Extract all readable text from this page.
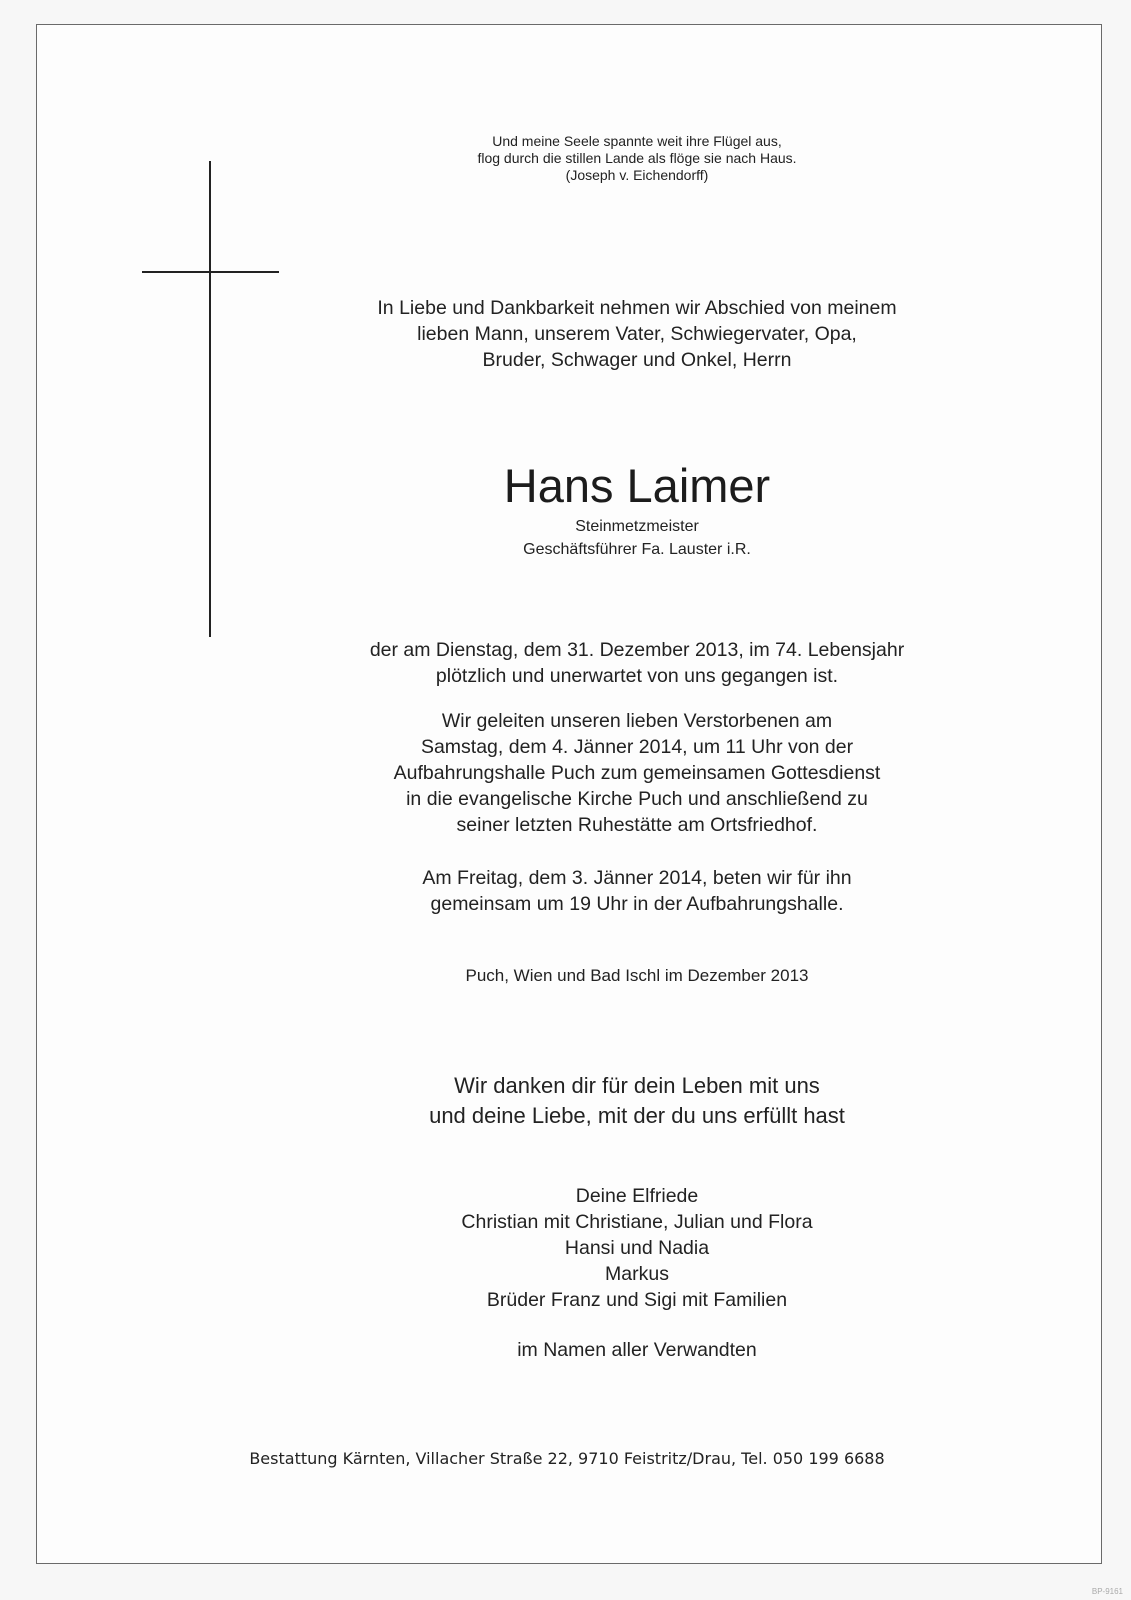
Und meine Seele spannte weit ihre Flügel aus,
flog durch die stillen Lande als flöge sie nach Haus.
(Joseph v. Eichendorff)
In Liebe und Dankbarkeit nehmen wir Abschied von meinem
lieben Mann, unserem Vater, Schwiegervater, Opa,
Bruder, Schwager und Onkel, Herrn
Hans Laimer
Steinmetzmeister
Geschäftsführer Fa. Lauster i.R.
der am Dienstag, dem 31. Dezember 2013, im 74. Lebensjahr
plötzlich und unerwartet von uns gegangen ist.
Wir geleiten unseren lieben Verstorbenen am
Samstag, dem 4. Jänner 2014, um 11 Uhr von der
Aufbahrungshalle Puch zum gemeinsamen Gottesdienst
in die evangelische Kirche Puch und anschließend zu
seiner letzten Ruhestätte am Ortsfriedhof.
Am Freitag, dem 3. Jänner 2014, beten wir für ihn
gemeinsam um 19 Uhr in der Aufbahrungshalle.
Puch, Wien und Bad Ischl im Dezember 2013
Wir danken dir für dein Leben mit uns
und deine Liebe, mit der du uns erfüllt hast
Deine Elfriede
Christian mit Christiane, Julian und Flora
Hansi und Nadia
Markus
Brüder Franz und Sigi mit Familien
im Namen aller Verwandten
Bestattung Kärnten, Villacher Straße 22, 9710 Feistritz/Drau, Tel. 050 199 6688
BP-9161
